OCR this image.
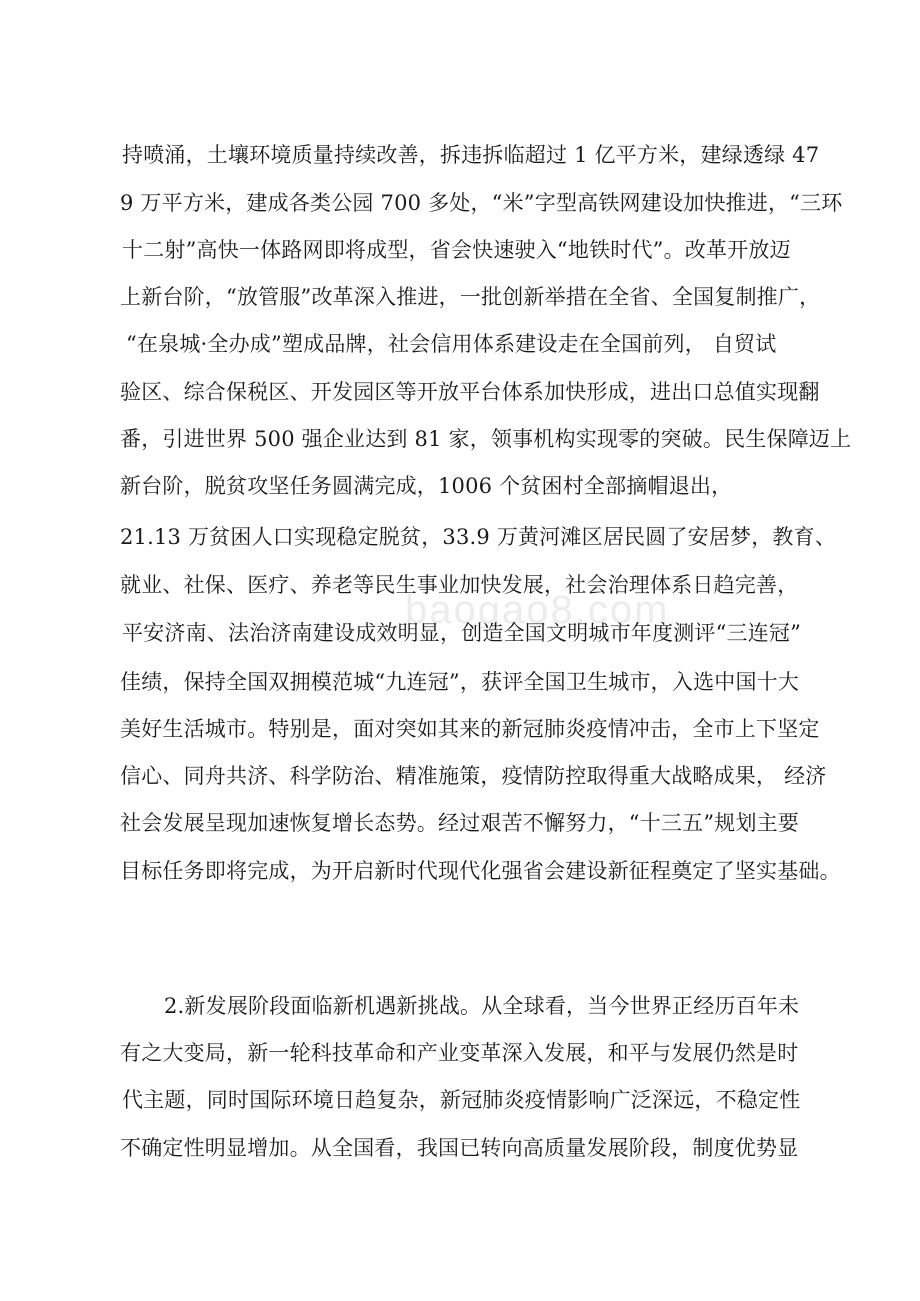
baogao8.com
持喷涌，土壤环境质量持续改善，拆违拆临超过 1 亿平方米，建绿透绿 47
9 万平方米，建成各类公园 700 多处，“米”字型高铁网建设加快推进，“三环
十二射”高快一体路网即将成型，省会快速驶入“地铁时代”。改革开放迈
上新台阶，“放管服”改革深入推进，一批创新举措在全省、全国复制推广，
“在泉城·全办成”塑成品牌，社会信用体系建设走在全国前列， 自贸试
验区、综合保税区、开发园区等开放平台体系加快形成，进出口总值实现翻
番，引进世界 500 强企业达到 81 家，领事机构实现零的突破。民生保障迈上
新台阶，脱贫攻坚任务圆满完成，1006 个贫困村全部摘帽退出，
21.13 万贫困人口实现稳定脱贫，33.9 万黄河滩区居民圆了安居梦，教育、
就业、社保、医疗、养老等民生事业加快发展，社会治理体系日趋完善，
平安济南、法治济南建设成效明显，创造全国文明城市年度测评“三连冠”
佳绩，保持全国双拥模范城“九连冠”，获评全国卫生城市，入选中国十大
美好生活城市。特别是，面对突如其来的新冠肺炎疫情冲击，全市上下坚定
信心、同舟共济、科学防治、精准施策，疫情防控取得重大战略成果， 经济
社会发展呈现加速恢复增长态势。经过艰苦不懈努力，“十三五”规划主要
目标任务即将完成，为开启新时代现代化强省会建设新征程奠定了坚实基础。
2.新发展阶段面临新机遇新挑战。从全球看，当今世界正经历百年未
有之大变局，新一轮科技革命和产业变革深入发展，和平与发展仍然是时
代主题，同时国际环境日趋复杂，新冠肺炎疫情影响广泛深远，不稳定性
不确定性明显增加。从全国看，我国已转向高质量发展阶段，制度优势显
